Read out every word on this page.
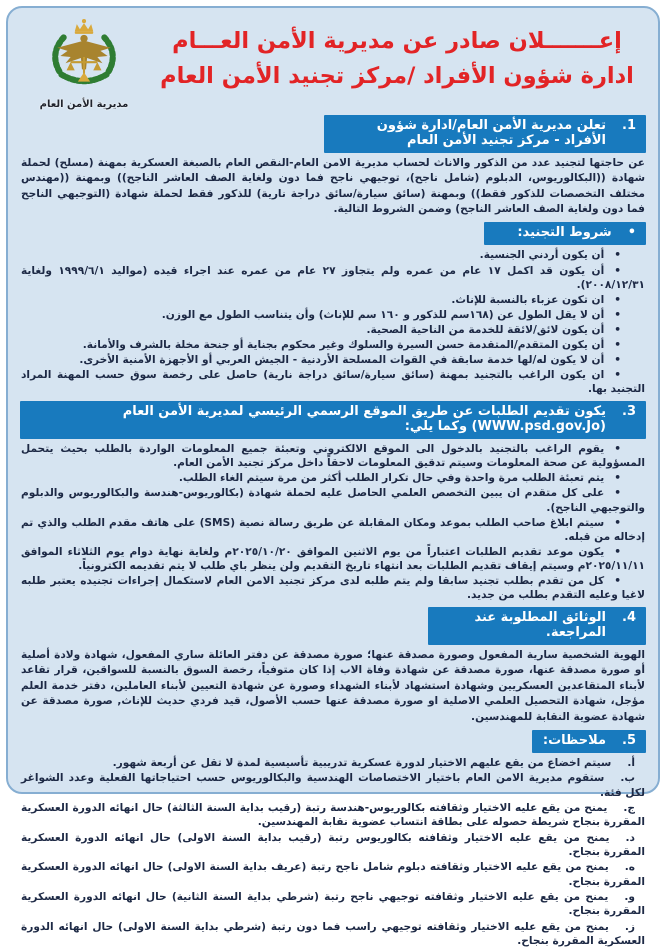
إعـــــــلان صادر عن مديرية الأمن العـــام
ادارة شؤون الأفراد /مركز تجنيد الأمن العام
مديرية الأمن العام
1.
تعلن مديرية الأمن العام/ادارة شؤون الأفراد - مركز تجنيد الأمن العام

عن حاجتها لتجنيد عدد من الذكور والاناث لحساب مديرية الامن العام-النقص العام بالصبغة العسكرية بمهنة (مسلح) لحملة شهادة ((البكالوريوس، الدبلوم (شامل ناجح)، توجيهي ناجح فما دون ولغاية الصف العاشر الناجح)) وبمهنة ((مهندس مختلف التخصصات للذكور فقط)) وبمهنة (سائق سيارة/سائق دراجة نارية) للذكور فقط لحملة شهادة (التوجيهي الناجح فما دون ولغاية الصف العاشر الناجح) وضمن الشروط التالية.

•
شروط التجنيد:
•أن يكون أردني الجنسية.
•أن يكون قد اكمل ١٧ عام من عمره ولم يتجاوز ٢٧ عام من عمره عند اجراء قيده (مواليد ١٩٩٩/٦/١ ولغاية ٢٠٠٨/١٢/٣١).
•ان تكون عزباء بالنسبة للإناث.
•أن لا يقل الطول عن (١٦٨سم للذكور و ١٦٠ سم للإناث) وأن يتناسب الطول مع الوزن.
•أن يكون لائق/لائقة للخدمة من الناحية الصحية.
•أن يكون المتقدم/المتقدمة حسن السيرة والسلوك وغير محكوم بجناية أو جنحة مخلة بالشرف والأمانة.
•أن لا يكون له/لها خدمة سابقة في القوات المسلحة الأردنية - الجيش العربي أو الأجهزة الأمنية الأخرى.
•ان يكون الراغب بالتجنيد بمهنة (سائق سيارة/سائق دراجة نارية) حاصل على رخصة سوق حسب المهنة المراد التجنيد بها.
3.
يكون تقديم الطلبات عن طريق الموقع الرسمي الرئيسي لمديرية الأمن العام (WWW.psd.gov.Jo) وكما يلي:
•يقوم الراغب بالتجنيد بالدخول الى الموقع الالكتروني وتعبئة جميع المعلومات الواردة بالطلب بحيث يتحمل المسؤولية عن صحة المعلومات وسيتم تدقيق المعلومات لاحقاً داخل مركز تجنيد الأمن العام.
•يتم تعبئة الطلب مرة واحدة وفي حال تكرار الطلب أكثر من مرة سيتم الغاء الطلب.
•على كل متقدم ان يبين التخصص العلمي الحاصل عليه لحملة شهادة (بكالوريوس-هندسة والبكالوريوس والدبلوم والتوجيهي الناجح).
•سيتم ابلاغ صاحب الطلب بموعد ومكان المقابلة عن طريق رسالة نصية (SMS) على هاتف مقدم الطلب والذي تم إدخاله من قبله.
•يكون موعد تقديم الطلبات اعتباراً من يوم الاثنين الموافق ٢٠٢٥/١٠/٢٠م ولغاية نهاية دوام يوم الثلاثاء الموافق ٢٠٢٥/١١/١١م وسيتم إيقاف تقديم الطلبات بعد انتهاء تاريخ التقديم ولن ينظر باي طلب لا يتم تقديمه الكترونياً.
•كل من تقدم بطلب تجنيد سابقا ولم يتم طلبه لدى مركز تجنيد الامن العام لاستكمال إجراءات تجنيده يعتبر طلبه لاغيا وعليه التقدم بطلب من جديد.
4.
الوثائق المطلوبة عند المراجعة.

الهوية الشخصية سارية المفعول وصورة مصدقة عنها؛ صورة مصدقة عن دفتر العائلة ساري المفعول، شهادة ولادة أصلية أو صورة مصدقة عنها، صورة مصدقة عن شهادة وفاة الاب إذا كان متوفياً، رخصة السوق بالنسبة للسواقين، قرار تقاعد لأبناء المتقاعدين العسكريين وشهادة استشهاد لأبناء الشهداء وصورة عن شهادة التعيين لأبناء العاملين، دفتر خدمة العلم مؤجل، شهادة التحصيل العلمي الاصلية او صورة مصدقة عنها حسب الأصول، قيد فردي حديث للإناث, صورة مصدقة عن شهادة عضوية النقابة للمهندسين.

5.
ملاحظات:
أ.سيتم اخضاع من يقع عليهم الاختيار لدورة عسكرية تدريبية تأسيسية لمدة لا تقل عن أربعة شهور.
ب.ستقوم مديرية الامن العام باختيار الاختصاصات الهندسية والبكالوريوس حسب احتياجاتها الفعلية وعدد الشواغر لكل فئة.
ج.يمنح من يقع عليه الاختيار وثقافته بكالوريوس-هندسة رتبة (رقيب بداية السنة الثالثة) حال انهائه الدورة العسكرية المقررة بنجاح شريطة حصوله على بطاقة انتساب عضوية نقابة المهندسين.
د.يمنح من يقع عليه الاختيار وثقافته بكالوريوس رتبة (رقيب بداية السنة الاولى) حال انهائه الدورة العسكرية المقررة بنجاح.
ه.يمنح من يقع عليه الاختيار وثقافته دبلوم شامل ناجح رتبة (عريف بداية السنة الاولى) حال انهائه الدورة العسكرية المقررة بنجاح.
و.يمنح من يقع عليه الاختيار وثقافته توجيهي ناجح رتبة (شرطي بداية السنة الثانية) حال انهائه الدورة العسكرية المقررة بنجاح.
ز.يمنح من يقع عليه الاختيار وثقافته توجيهي راسب فما دون رتبة (شرطي بداية السنة الاولى) حال انهائه الدورة العسكرية المقررة بنجاح.
